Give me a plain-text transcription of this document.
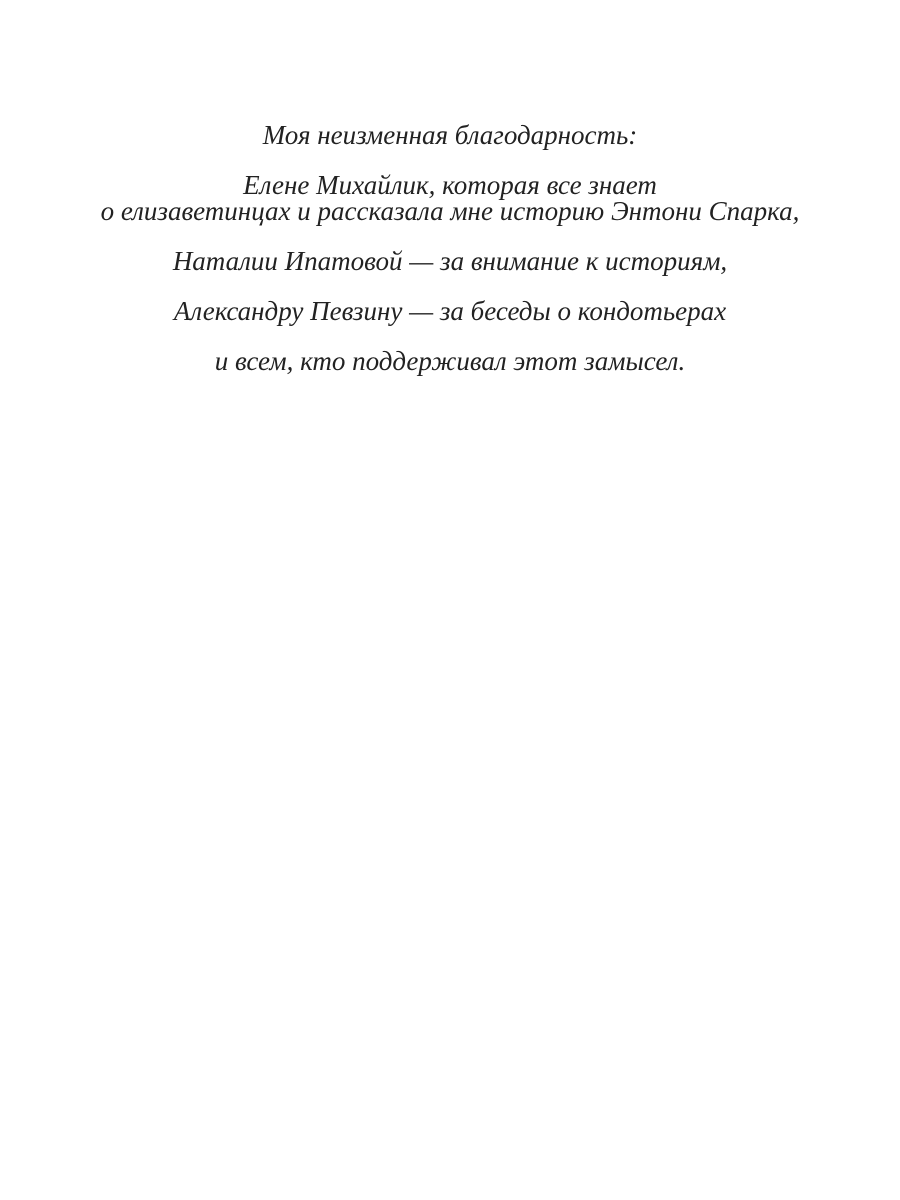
Моя неизменная благодарность:

Елене Михайлик, которая все знает
о елизаветинцах и рассказала мне историю Энтони Спарка,

Наталии Ипатовой — за внимание к историям,

Александру Певзину — за беседы о кондотьерах

и всем, кто поддерживал этот замысел.
